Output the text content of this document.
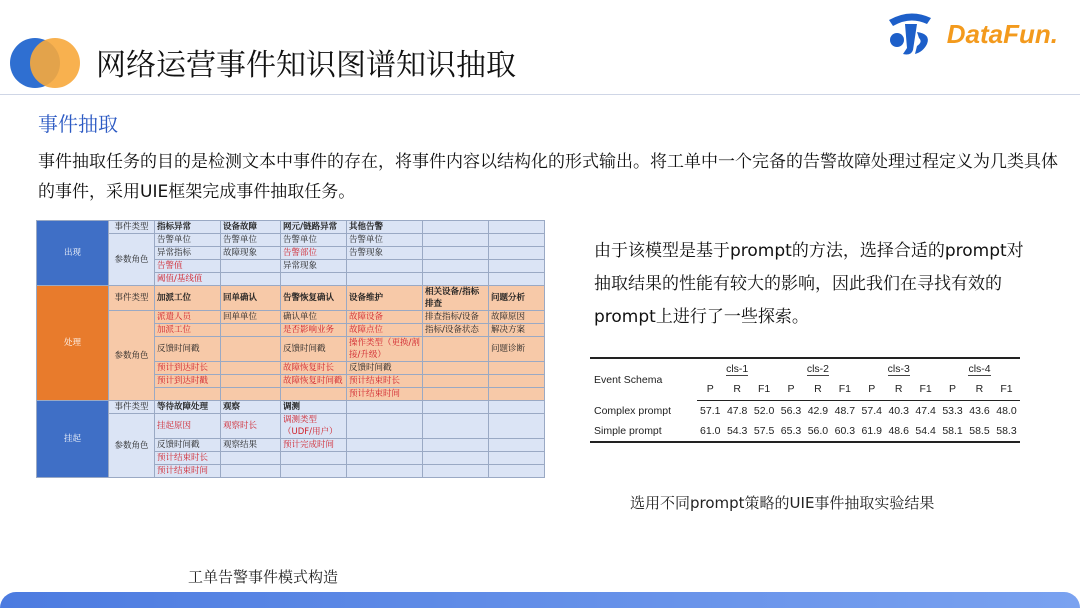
网络运营事件知识图谱知识抽取
DataFun.
事件抽取
事件抽取任务的目的是检测文本中事件的存在，将事件内容以结构化的形式输出。将工单中一个完备的告警故障处理过程定义为几类具体的事件，采用UIE框架完成事件抽取任务。
出现	事件类型	指标异常	设备故障	网元/链路异常	其他告警		
	参数角色	告警单位	告警单位	告警单位	告警单位		
		异常指标	故障现象	告警部位	告警现象		
		告警值		异常现象			
		阈值/基线值					
处理	事件类型	加派工位	回单确认	告警恢复确认	设备维护	相关设备/指标排查	问题分析
	参数角色	派遣人员	回单单位	确认单位	故障设备	排查指标/设备	故障原因
		加派工位		是否影响业务	故障点位	指标/设备状态	解决方案
		反馈时间戳		反馈时间戳	操作类型（更换/割接/升级）		问题诊断
		预计到达时长		故障恢复时长	反馈时间戳		
		预计到达时戳		故障恢复时间戳	预计结束时长		
					预计结束时间		
挂起	事件类型	等待故障处理	观察	调测			
	参数角色	挂起原因	观察时长	调测类型（UDF/用户）			
		反馈时间戳	观察结果	预计完成时间			
		预计结束时长					
		预计结束时间					
工单告警事件模式构造
由于该模型是基于prompt的方法，选择合适的prompt对抽取结果的性能有较大的影响，因此我们在寻找有效的prompt上进行了一些探索。
Event Schema	cls-1			cls-2			cls-3			cls-4		
	P	R	F1	P	R	F1	P	R	F1	P	R	F1
Complex prompt	57.1	47.8	52.0	56.3	42.9	48.7	57.4	40.3	47.4	53.3	43.6	48.0
Simple prompt	61.0	54.3	57.5	65.3	56.0	60.3	61.9	48.6	54.4	58.1	58.5	58.3
选用不同prompt策略的UIE事件抽取实验结果
